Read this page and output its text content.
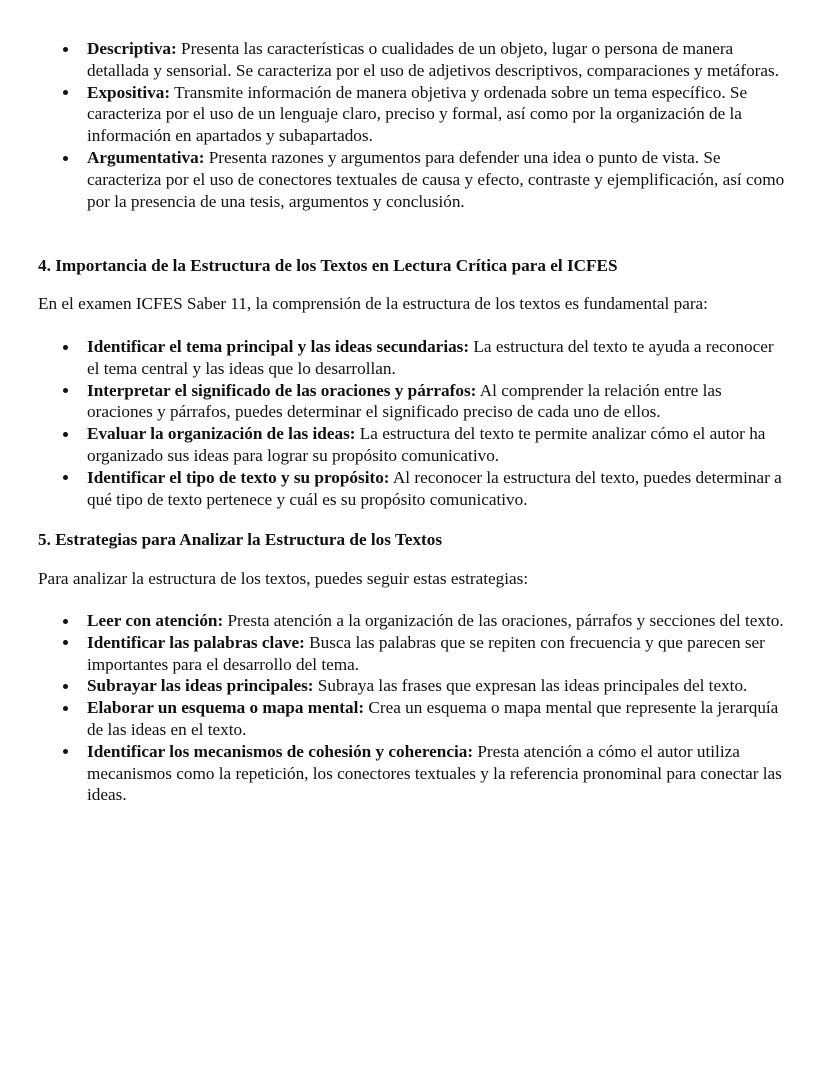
Descriptiva: Presenta las características o cualidades de un objeto, lugar o persona de manera detallada y sensorial. Se caracteriza por el uso de adjetivos descriptivos, comparaciones y metáforas.
Expositiva: Transmite información de manera objetiva y ordenada sobre un tema específico. Se caracteriza por el uso de un lenguaje claro, preciso y formal, así como por la organización de la información en apartados y subapartados.
Argumentativa: Presenta razones y argumentos para defender una idea o punto de vista. Se caracteriza por el uso de conectores textuales de causa y efecto, contraste y ejemplificación, así como por la presencia de una tesis, argumentos y conclusión.
4. Importancia de la Estructura de los Textos en Lectura Crítica para el ICFES

En el examen ICFES Saber 11, la comprensión de la estructura de los textos es fundamental para:

Identificar el tema principal y las ideas secundarias: La estructura del texto te ayuda a reconocer el tema central y las ideas que lo desarrollan.
Interpretar el significado de las oraciones y párrafos: Al comprender la relación entre las oraciones y párrafos, puedes determinar el significado preciso de cada uno de ellos.
Evaluar la organización de las ideas: La estructura del texto te permite analizar cómo el autor ha organizado sus ideas para lograr su propósito comunicativo.
Identificar el tipo de texto y su propósito: Al reconocer la estructura del texto, puedes determinar a qué tipo de texto pertenece y cuál es su propósito comunicativo.
5. Estrategias para Analizar la Estructura de los Textos

Para analizar la estructura de los textos, puedes seguir estas estrategias:

Leer con atención: Presta atención a la organización de las oraciones, párrafos y secciones del texto.
Identificar las palabras clave: Busca las palabras que se repiten con frecuencia y que parecen ser importantes para el desarrollo del tema.
Subrayar las ideas principales: Subraya las frases que expresan las ideas principales del texto.
Elaborar un esquema o mapa mental: Crea un esquema o mapa mental que represente la jerarquía de las ideas en el texto.
Identificar los mecanismos de cohesión y coherencia: Presta atención a cómo el autor utiliza mecanismos como la repetición, los conectores textuales y la referencia pronominal para conectar las ideas.
